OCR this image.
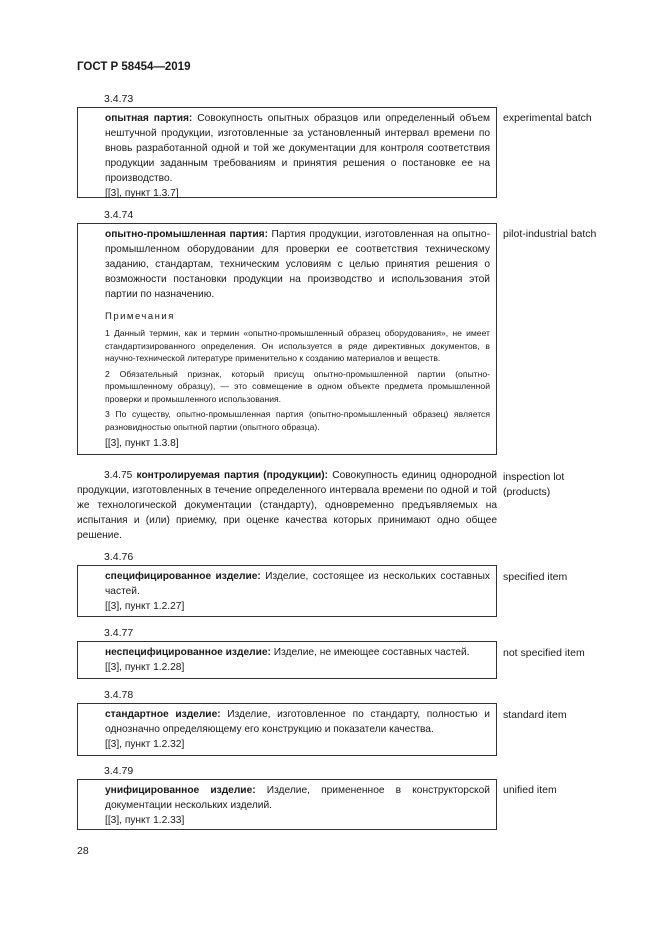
ГОСТ Р 58454—2019
3.4.73
опытная партия: Совокупность опытных образцов или определенный объем нештучной продукции, изготовленные за установленный интервал времени по вновь разработанной одной и той же документации для контроля соответствия продукции заданным требованиям и принятия решения о постановке ее на производство.
[[3], пункт 1.3.7]
experimental batch
3.4.74
опытно-промышленная партия: Партия продукции, изготовленная на опытно-промышленном оборудовании для проверки ее соответствия техническому заданию, стандартам, техническим условиям с целью принятия решения о возможности постановки продукции на производство и использования этой партии по назначению.
Примечания
1 Данный термин, как и термин «опытно-промышленный образец оборудования», не имеет стандартизированного определения. Он используется в ряде директивных документов, в научно-технической литературе применительно к созданию материалов и веществ.
2 Обязательный признак, который присущ опытно-промышленной партии (опытно-промышленному образцу), — это совмещение в одном объекте предмета промышленной проверки и промышленного использования.
3 По существу, опытно-промышленная партия (опытно-промышленный образец) является разновидностью опытной партии (опытного образца).
[[3], пункт 1.3.8]
pilot-industrial batch
3.4.75 контролируемая партия (продукции): Совокупность единиц однородной продукции, изготовленных в течение определенного интервала времени по одной и той же технологической документации (стандарту), одновременно предъявляемых на испытания и (или) приемку, при оценке качества которых принимают одно общее решение.
inspection lot (products)
3.4.76
специфицированное изделие: Изделие, состоящее из нескольких составных частей.
[[3], пункт 1.2.27]
specified item
3.4.77
неспецифицированное изделие: Изделие, не имеющее составных частей.
[[3], пункт 1.2.28]
not specified item
3.4.78
стандартное изделие: Изделие, изготовленное по стандарту, полностью и однозначно определяющему его конструкцию и показатели качества.
[[3], пункт 1.2.32]
standard item
3.4.79
унифицированное изделие: Изделие, примененное в конструкторской документации нескольких изделий.
[[3], пункт 1.2.33]
unified item
28
